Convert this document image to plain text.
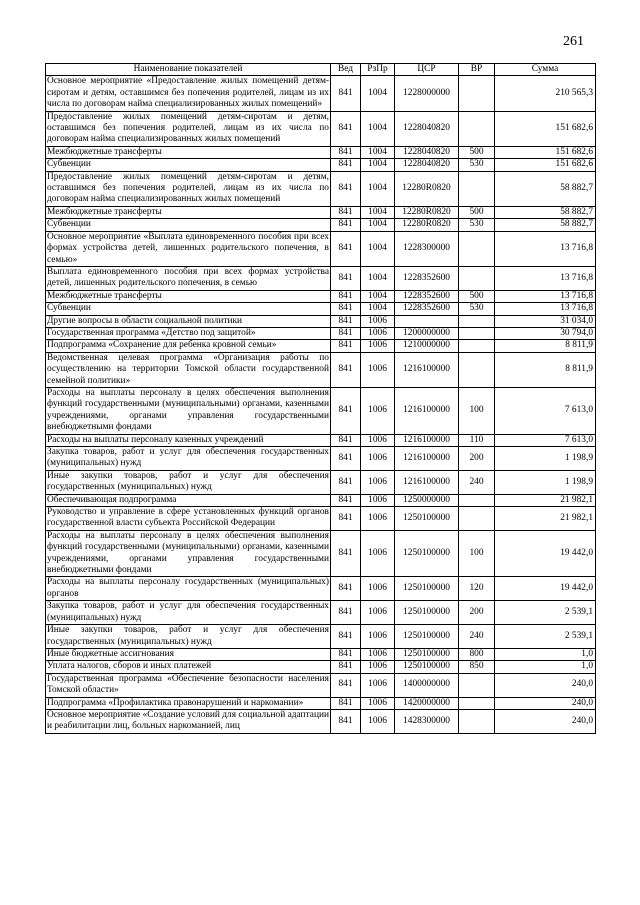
261
Наименование показателей	Вед	РзПр	ЦСР	ВР	Сумма
Основное мероприятие «Предоставление жилых помещений детям-сиротам и детям, оставшимся без попечения родителей, лицам из их числа по договорам найма специализированных жилых помещений»	841	1004	1228000000		210 565,3
Предоставление жилых помещений детям-сиротам и детям, оставшимся без попечения родителей, лицам из их числа по договорам найма специализированных жилых помещений	841	1004	1228040820		151 682,6
Межбюджетные трансферты	841	1004	1228040820	500	151 682,6
Субвенции	841	1004	1228040820	530	151 682,6
Предоставление жилых помещений детям-сиротам и детям, оставшимся без попечения родителей, лицам из их числа по договорам найма специализированных жилых помещений	841	1004	12280R0820		58 882,7
Межбюджетные трансферты	841	1004	12280R0820	500	58 882,7
Субвенции	841	1004	12280R0820	530	58 882,7
Основное мероприятие «Выплата единовременного пособия при всех формах устройства детей, лишенных родительского попечения, в семью»	841	1004	1228300000		13 716,8
Выплата единовременного пособия при всех формах устройства детей, лишенных родительского попечения, в семью	841	1004	1228352600		13 716,8
Межбюджетные трансферты	841	1004	1228352600	500	13 716,8
Субвенции	841	1004	1228352600	530	13 716,8
Другие вопросы в области социальной политики	841	1006			31 034,0
Государственная программа «Детство под защитой»	841	1006	1200000000		30 794,0
Подпрограмма «Сохранение для ребенка кровной семьи»	841	1006	1210000000		8 811,9
Ведомственная целевая программа «Организация работы по осуществлению на территории Томской области государственной семейной политики»	841	1006	1216100000		8 811,9
Расходы на выплаты персоналу в целях обеспечения выполнения функций государственными (муниципальными) органами, казенными учреждениями, органами управления государственными внебюджетными фондами	841	1006	1216100000	100	7 613,0
Расходы на выплаты персоналу казенных учреждений	841	1006	1216100000	110	7 613,0
Закупка товаров, работ и услуг для обеспечения государственных (муниципальных) нужд	841	1006	1216100000	200	1 198,9
Иные закупки товаров, работ и услуг для обеспечения государственных (муниципальных) нужд	841	1006	1216100000	240	1 198,9
Обеспечивающая подпрограмма	841	1006	1250000000		21 982,1
Руководство и управление в сфере установленных функций органов государственной власти субъекта Российской Федерации	841	1006	1250100000		21 982,1
Расходы на выплаты персоналу в целях обеспечения выполнения функций государственными (муниципальными) органами, казенными учреждениями, органами управления государственными внебюджетными фондами	841	1006	1250100000	100	19 442,0
Расходы на выплаты персоналу государственных (муниципальных) органов	841	1006	1250100000	120	19 442,0
Закупка товаров, работ и услуг для обеспечения государственных (муниципальных) нужд	841	1006	1250100000	200	2 539,1
Иные закупки товаров, работ и услуг для обеспечения государственных (муниципальных) нужд	841	1006	1250100000	240	2 539,1
Иные бюджетные ассигнования	841	1006	1250100000	800	1,0
Уплата налогов, сборов и иных платежей	841	1006	1250100000	850	1,0
Государственная программа «Обеспечение безопасности населения Томской области»	841	1006	1400000000		240,0
Подпрограмма «Профилактика правонарушений и наркомании»	841	1006	1420000000		240,0
Основное мероприятие «Создание условий для социальной адаптации и реабилитации лиц, больных наркоманией, лиц	841	1006	1428300000		240,0
